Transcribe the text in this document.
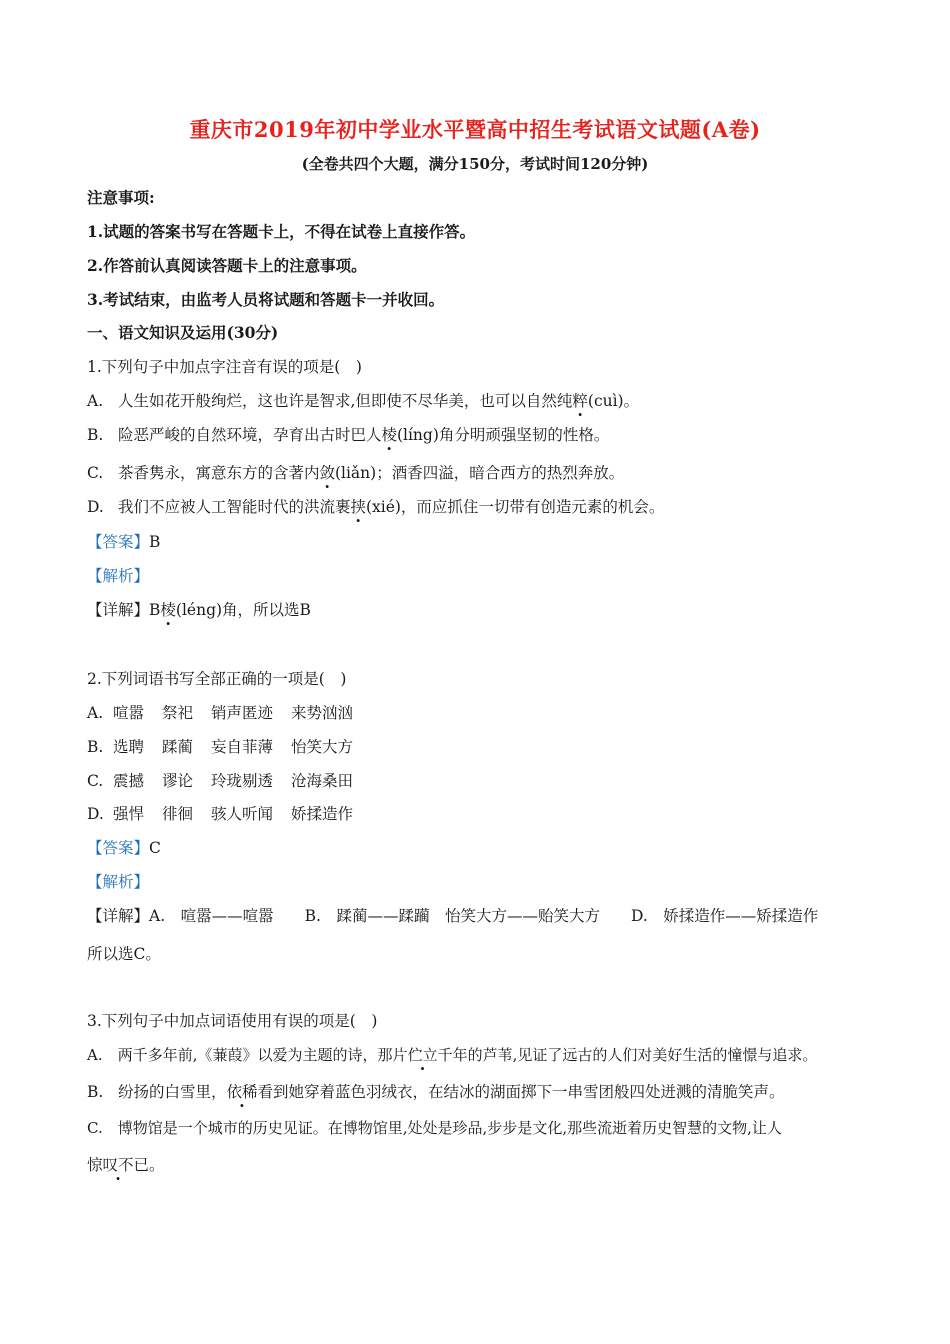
重庆市2019年初中学业水平暨高中招生考试语文试题(A卷)
(全卷共四个大题，满分150分，考试时间120分钟)
注意事项:
1.试题的答案书写在答题卡上，不得在试卷上直接作答。
2.作答前认真阅读答题卡上的注意事项。
3.考试结束，由监考人员将试题和答题卡一并收回。
一、语文知识及运用(30分)
1.下列句子中加点字注音有误的项是(　)
A. 人生如花开般绚烂，这也许是智求,但即使不尽华美，也可以自然纯粹(cuì)。
B. 险恶严峻的自然环境，孕育出古时巴人棱(líng)角分明顽强坚韧的性格。
C. 茶香隽永，寓意东方的含著内敛(liǎn)；酒香四溢，暗合西方的热烈奔放。
D. 我们不应被人工智能时代的洪流裹挟(xié)，而应抓住一切带有创造元素的机会。
【答案】B
【解析】
【详解】B棱(léng)角，所以选B
2.下列词语书写全部正确的一项是(　)
A. 喧嚣 祭祀 销声匿迹 来势汹汹
B. 选聘 蹂蔺 妄自菲薄 怡笑大方
C. 震撼 谬论 玲珑剔透 沧海桑田
D. 强悍 徘徊 骇人听闻 娇揉造作
【答案】C
【解析】
【详解】A.　喧嚣——喧嚣　　B.　蹂蔺——蹂躏　怡笑大方——贻笑大方　　D.　娇揉造作——矫揉造作
所以选C。
3.下列句子中加点词语使用有误的项是(　)
A. 两千多年前,《蒹葭》以爱为主题的诗，那片伫立千年的芦苇,见证了远古的人们对美好生活的憧憬与追求。
B. 纷扬的白雪里，依稀看到她穿着蓝色羽绒衣，在结冰的湖面掷下一串雪团般四处迸溅的清脆笑声。
C. 博物馆是一个城市的历史见证。在博物馆里,处处是珍品,步步是文化,那些流逝着历史智慧的文物,让人
惊叹不已。
